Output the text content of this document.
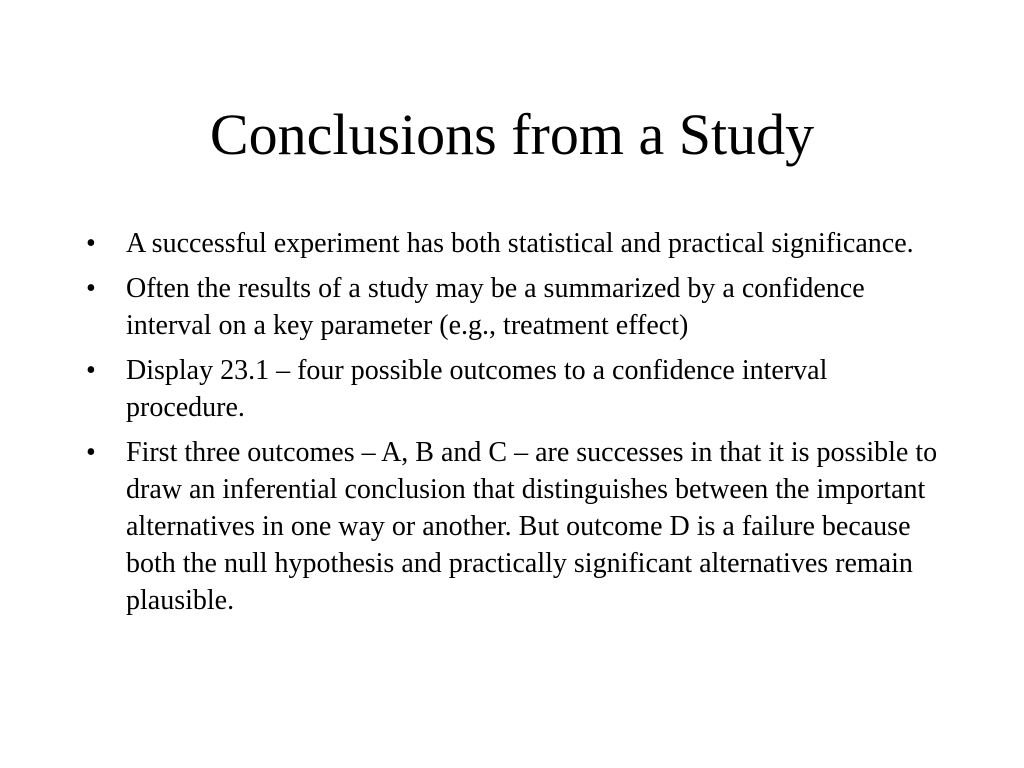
Conclusions from a Study
•	A successful experiment has both statistical and practical significance.
•	Often the results of a study may be a summarized by a confidence interval on a key parameter (e.g., treatment effect)
•	Display 23.1 – four possible outcomes to a confidence interval procedure.
•	First three outcomes – A, B and C – are successes in that it is possible to draw an inferential conclusion that distinguishes between the important alternatives in one way or another. But outcome D is a failure because both the null hypothesis and practically significant alternatives remain plausible.
